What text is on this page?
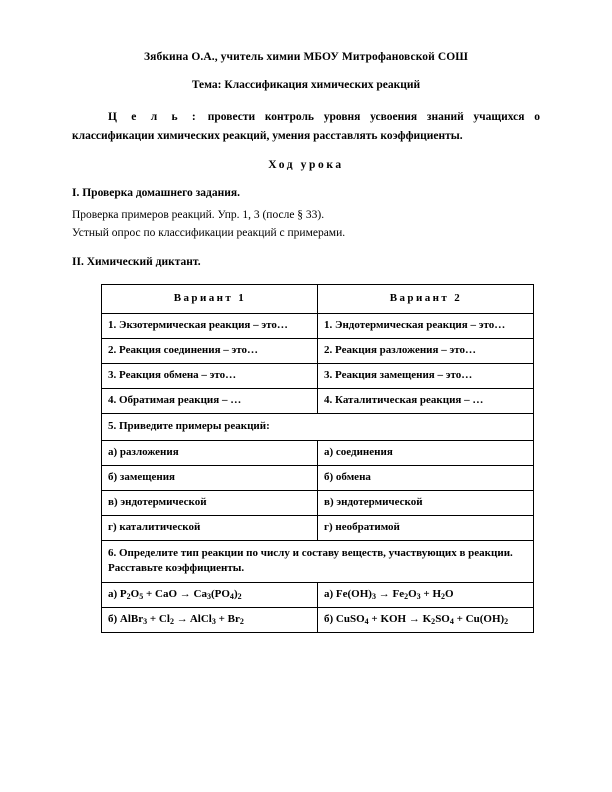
Зябкина О.А., учитель химии МБОУ Митрофановской СОШ

Тема: Классификация химических реакций

Ц е л ь : провести контроль уровня усвоения знаний учащихся о

классификации химических реакций, умения расставлять коэффициенты.

Ход урока

I. Проверка домашнего задания.

Проверка примеров реакций. Упр. 1, 3 (после § 33).

Устный опрос по классификации реакций с примерами.

II. Химический диктант.

Вариант 1	Вариант 2
1. Экзотермическая реакция – это…	1. Эндотермическая реакция – это…
2. Реакция соединения – это…	2. Реакция разложения – это…
3. Реакция обмена – это…	3. Реакция замещения – это…
4. Обратимая реакция – …	4. Каталитическая реакция – …
5. Приведите примеры реакций:	
а) разложения	а) соединения
б) замещения	б) обмена
в) эндотермической	в) эндотермической
г) каталитической	г) необратимой
6. Определите тип реакции по числу и составу веществ, участвующих в реакции. Расставьте коэффициенты.	
а) $P_2O_5$ + CaO → $Ca_3(PO_4)_2$	а) $Fe(OH)_3 \to Fe_2O_3 + H_2O$
б) AlBr$_3$ + $Cl_2$ → AlCl$_3$ + $Br_2$	б) CuSO$_4$ + KOH → $K_2SO_4 + Cu(OH)_2$
